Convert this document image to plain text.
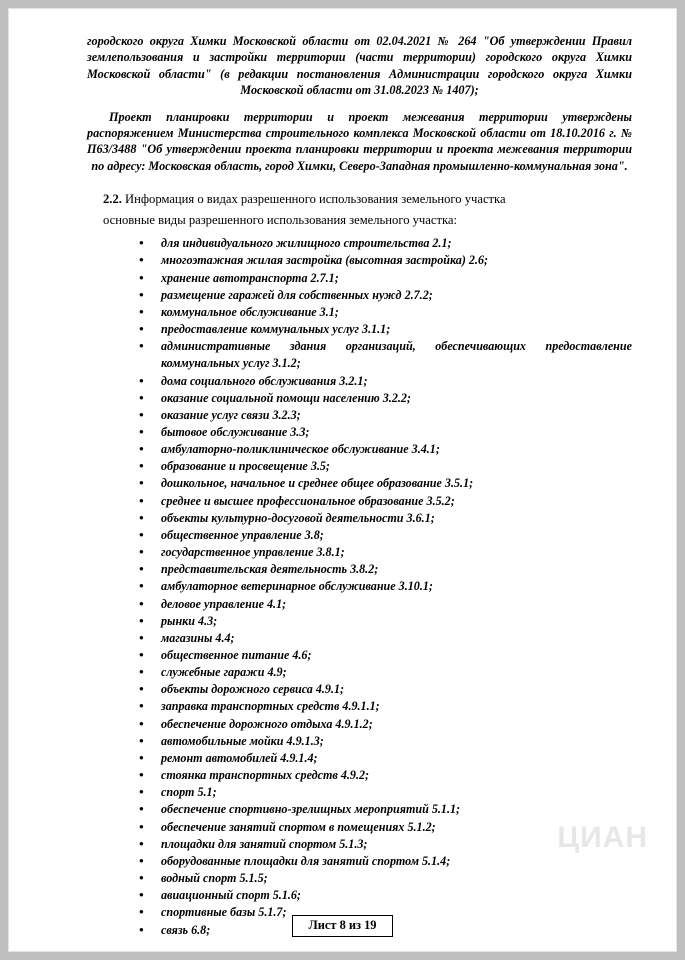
городского округа Химки Московской области от 02.04.2021 № 264 "Об утверждении Правил землепользования и застройки территории (части территории) городского округа Химки Московской области" (в редакции постановления Администрации городского округа Химки Московской области от 31.08.2023 № 1407);

Проект планировки территории и проект межевания территории утверждены распоряжением Министерства строительного комплекса Московской области от 18.10.2016 г. № П63/3488 "Об утверждении проекта планировки территории и проекта межевания территории по адресу: Московская область, город Химки, Северо-Западная промышленно-коммунальная зона".

2.2. Информация о видах разрешенного использования земельного участка
основные виды разрешенного использования земельного участка:
• для индивидуального жилищного строительства 2.1;
• многоэтажная жилая застройка (высотная застройка) 2.6;
• хранение автотранспорта 2.7.1;
• размещение гаражей для собственных нужд 2.7.2;
• коммунальное обслуживание 3.1;
• предоставление коммунальных услуг 3.1.1;
• административные здания организаций, обеспечивающих предоставление коммунальных услуг 3.1.2;
• дома социального обслуживания 3.2.1;
• оказание социальной помощи населению 3.2.2;
• оказание услуг связи 3.2.3;
• бытовое обслуживание 3.3;
• амбулаторно-поликлиническое обслуживание 3.4.1;
• образование и просвещение 3.5;
• дошкольное, начальное и среднее общее образование 3.5.1;
• среднее и высшее профессиональное образование 3.5.2;
• объекты культурно-досуговой деятельности 3.6.1;
• общественное управление 3.8;
• государственное управление 3.8.1;
• представительская деятельность 3.8.2;
• амбулаторное ветеринарное обслуживание 3.10.1;
• деловое управление 4.1;
• рынки 4.3;
• магазины 4.4;
• общественное питание 4.6;
• служебные гаражи 4.9;
• объекты дорожного сервиса 4.9.1;
• заправка транспортных средств 4.9.1.1;
• обеспечение дорожного отдыха 4.9.1.2;
• автомобильные мойки 4.9.1.3;
• ремонт автомобилей 4.9.1.4;
• стоянка транспортных средств 4.9.2;
• спорт 5.1;
• обеспечение спортивно-зрелищных мероприятий 5.1.1;
• обеспечение занятий спортом в помещениях 5.1.2;
• площадки для занятий спортом 5.1.3;
• оборудованные площадки для занятий спортом 5.1.4;
• водный спорт 5.1.5;
• авиационный спорт 5.1.6;
• спортивные базы 5.1.7;
• связь 6.8;
ЦИАН
Лист 8 из 19
